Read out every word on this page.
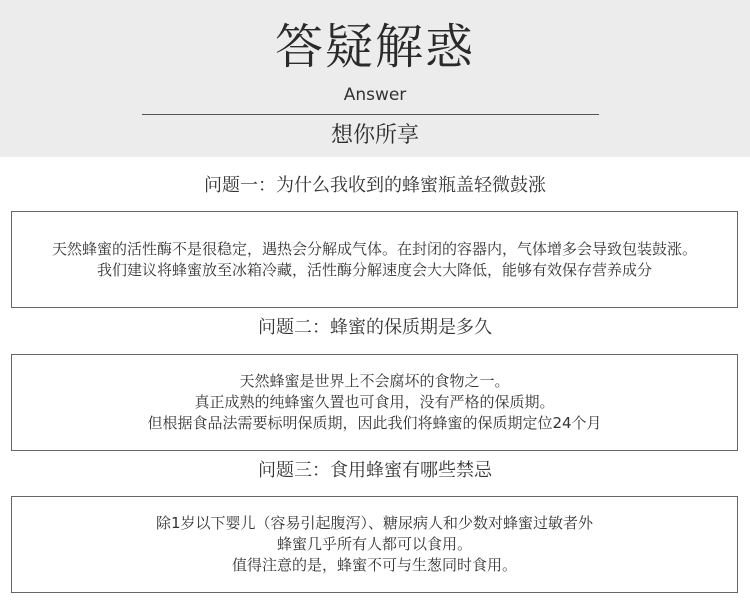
答疑解惑
Answer
想你所享
问题一：为什么我收到的蜂蜜瓶盖轻微鼓涨
天然蜂蜜的活性酶不是很稳定，遇热会分解成气体。在封闭的容器内，气体增多会导致包装鼓涨。
我们建议将蜂蜜放至冰箱冷藏，活性酶分解速度会大大降低，能够有效保存营养成分
问题二：蜂蜜的保质期是多久
天然蜂蜜是世界上不会腐坏的食物之一。
真正成熟的纯蜂蜜久置也可食用，没有严格的保质期。
但根据食品法需要标明保质期，因此我们将蜂蜜的保质期定位24个月
问题三：食用蜂蜜有哪些禁忌
除1岁以下婴儿（容易引起腹泻）、糖尿病人和少数对蜂蜜过敏者外
蜂蜜几乎所有人都可以食用。
值得注意的是，蜂蜜不可与生葱同时食用。
